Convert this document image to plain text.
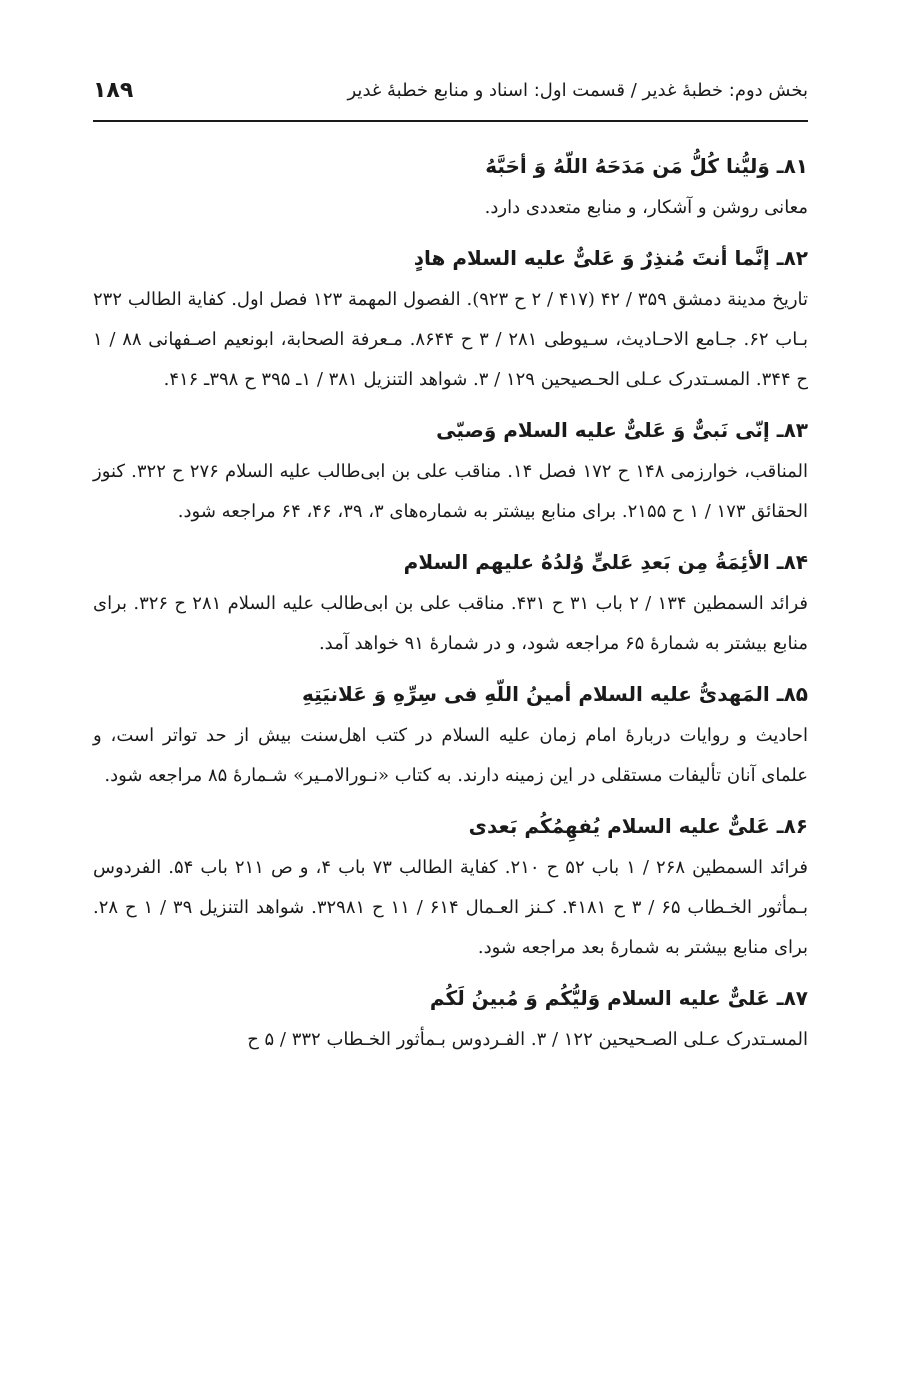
بخش دوم: خطبهٔ غدیر / قسمت اول: اسناد و منابع خطبهٔ غدیر
۱۸۹
۸۱ـ وَلیُّنا کُلُّ مَن مَدَحَهُ اللّهُ وَ أحَبَّهُ

معانی روشن و آشکار، و منابع متعددی دارد.

۸۲ـ إنَّما أنتَ مُنذِرٌ وَ عَلیٌّ علیه السلام هادٍ

تاریخ مدینة دمشق ۳۵۹ / ۴۲ (۴۱۷ / ۲ ح ۹۲۳). الفصول المهمة ۱۲۳ فصل اول. کفایة الطالب ۲۳۲ بـاب ۶۲. جـامع الاحـادیث، سـیوطی ۲۸۱ / ۳ ح ۸۶۴۴. مـعرفة الصحابة، ابونعیم اصـفهانی ۸۸ / ۱ ح ۳۴۴. المسـتدرک عـلی الحـصیحین ۱۲۹ / ۳. شواهد التنزیل ۳۸۱ / ۱ـ ۳۹۵ ح ۳۹۸ـ ۴۱۶.

۸۳ـ إنّی نَبیٌّ وَ عَلیٌّ علیه السلام وَصیّی

المناقب، خوارزمی ۱۴۸ ح ۱۷۲ فصل ۱۴. مناقب علی بن ابی‌طالب علیه السلام ۲۷۶ ح ۳۲۲. کنوز الحقائق ۱۷۳ / ۱ ح ۲۱۵۵. برای منابع بیشتر به شماره‌های ۳، ۳۹، ۴۶، ۶۴ مراجعه شود.

۸۴ـ الأئِمَةُ مِن بَعدِ عَلیٍّ وُلدُهُ علیهم السلام

فرائد السمطین ۱۳۴ / ۲ باب ۳۱ ح ۴۳۱. مناقب علی بن ابی‌طالب علیه السلام ۲۸۱ ح ۳۲۶. برای منابع بیشتر به شمارهٔ ۶۵ مراجعه شود، و در شمارهٔ ۹۱ خواهد آمد.

۸۵ـ المَهدیُّ علیه السلام أمینُ اللّهِ فی سِرِّهِ وَ عَلانیَتِهِ

احادیث و روایات دربارهٔ امام زمان علیه السلام در کتب اهل‌سنت بیش از حد تواتر است، و علمای آنان تألیفات مستقلی در این زمینه دارند. به کتاب «نـورالامـیر» شـمارهٔ ۸۵ مراجعه شود.

۸۶ـ عَلیٌّ علیه السلام یُفهِمُکُم بَعدی

فرائد السمطین ۲۶۸ / ۱ باب ۵۲ ح ۲۱۰. کفایة الطالب ۷۳ باب ۴، و ص ۲۱۱ باب ۵۴. الفردوس بـمأثور الخـطاب ۶۵ / ۳ ح ۴۱۸۱. کـنز العـمال ۶۱۴ / ۱۱ ح ۳۲۹۸۱. شواهد التنزیل ۳۹ / ۱ ح ۲۸. برای منابع بیشتر به شمارهٔ بعد مراجعه شود.

۸۷ـ عَلیٌّ علیه السلام وَلیُّکُم وَ مُبینُ لَکُم

المسـتدرک عـلی الصـحیحین ۱۲۲ / ۳. الفـردوس بـمأثور الخـطاب ۳۳۲ / ۵ ح
